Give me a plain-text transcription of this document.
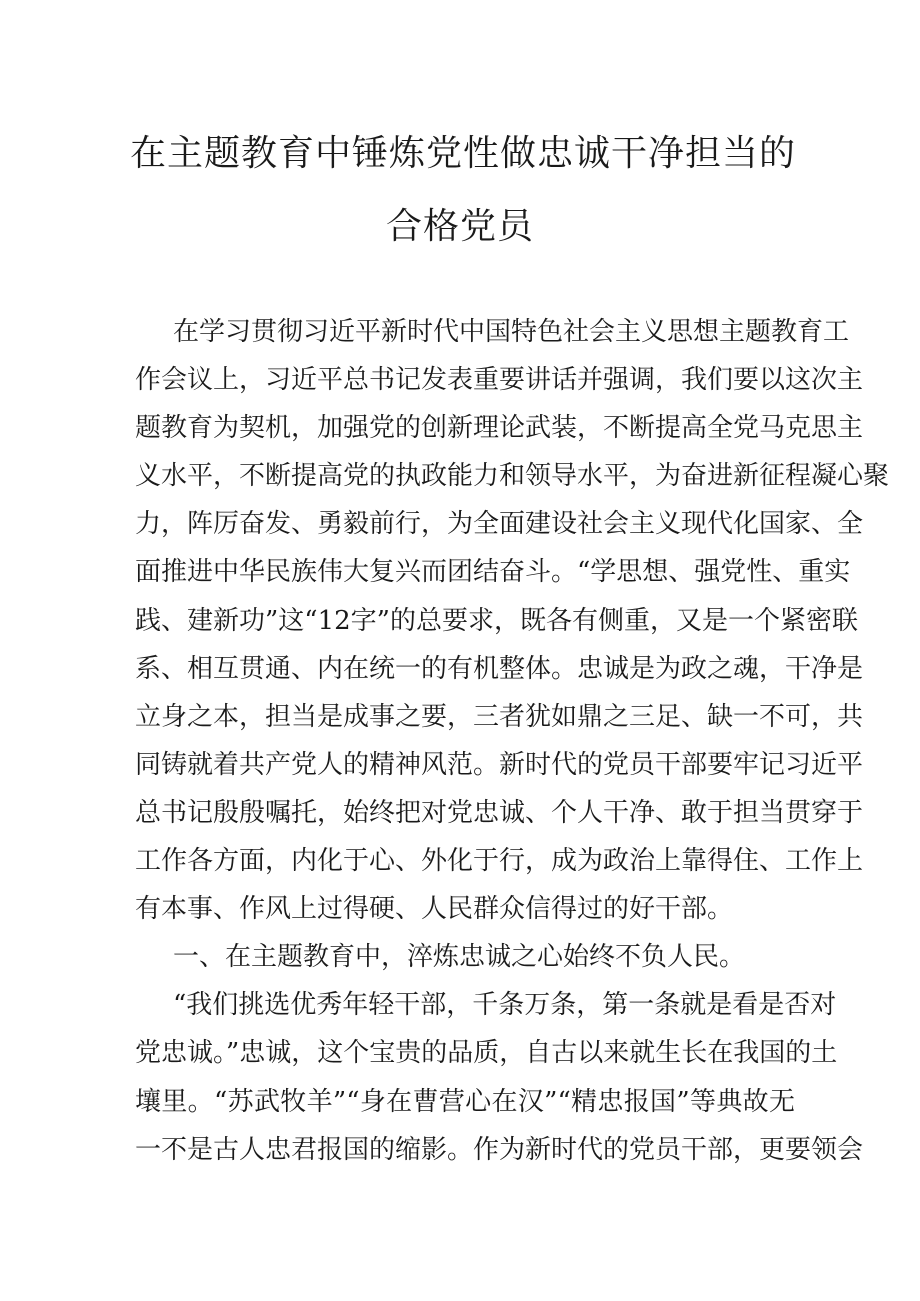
在主题教育中锤炼党性做忠诚干净担当的
合格党员
在学习贯彻习近平新时代中国特色社会主义思想主题教育工
作会议上，习近平总书记发表重要讲话并强调，我们要以这次主
题教育为契机，加强党的创新理论武装，不断提高全党马克思主
义水平，不断提高党的执政能力和领导水平，为奋进新征程凝心聚
力，阵厉奋发、勇毅前行，为全面建设社会主义现代化国家、全
面推进中华民族伟大复兴而团结奋斗。“学思想、强党性、重实
践、建新功”这“12字”的总要求，既各有侧重，又是一个紧密联
系、相互贯通、内在统一的有机整体。忠诚是为政之魂，干净是
立身之本，担当是成事之要，三者犹如鼎之三足、缺一不可，共
同铸就着共产党人的精神风范。新时代的党员干部要牢记习近平
总书记殷殷嘱托，始终把对党忠诚、个人干净、敢于担当贯穿于
工作各方面，内化于心、外化于行，成为政治上靠得住、工作上
有本事、作风上过得硬、人民群众信得过的好干部。
一、在主题教育中，淬炼忠诚之心始终不负人民。
“我们挑选优秀年轻干部，千条万条，第一条就是看是否对
党忠诚。”忠诚，这个宝贵的品质，自古以来就生长在我国的土
壤里。“苏武牧羊”“身在曹营心在汉”“精忠报国”等典故无
一不是古人忠君报国的缩影。作为新时代的党员干部，更要领会
